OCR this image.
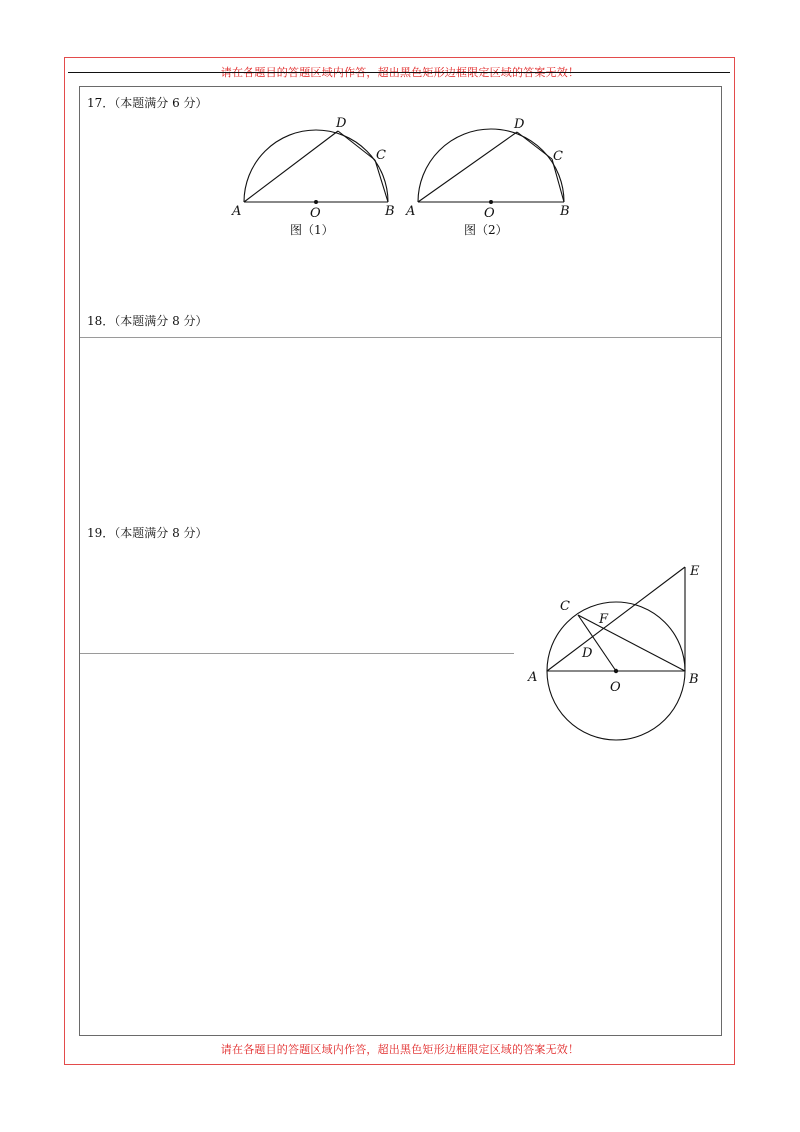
请在各题目的答题区域内作答，超出黑色矩形边框限定区域的答案无效！
17．（本题满分 6 分）
A	O	B
C
D
图（1）
A	O	B
C
D
图（2）
18．（本题满分 8 分）
19．（本题满分 8 分）
A
O
B
C
D
E
F
请在各题目的答题区域内作答，超出黑色矩形边框限定区域的答案无效！
